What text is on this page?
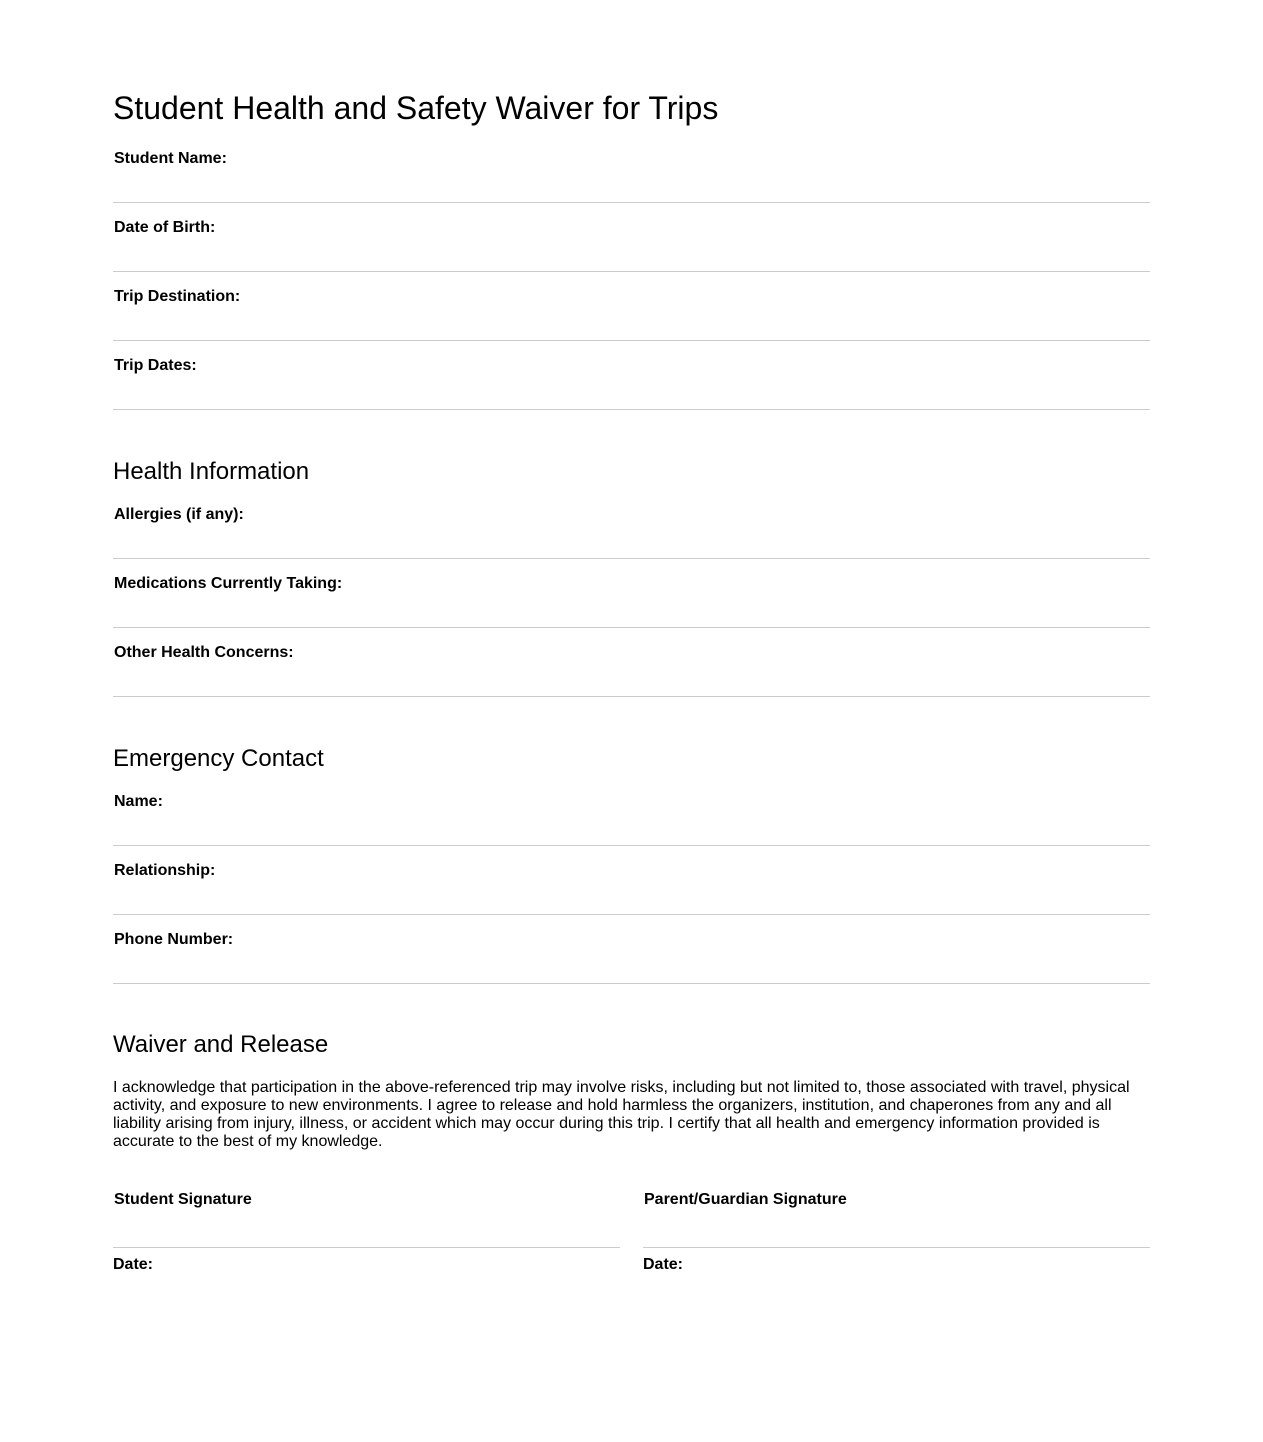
Student Health and Safety Waiver for Trips
Student Name:
Date of Birth:
Trip Destination:
Trip Dates:
Health Information
Allergies (if any):
Medications Currently Taking:
Other Health Concerns:
Emergency Contact
Name:
Relationship:
Phone Number:
Waiver and Release

I acknowledge that participation in the above-referenced trip may involve risks, including but not limited to, those associated with travel, physical activity, and exposure to new environments. I agree to release and hold harmless the organizers, institution, and chaperones from any and all liability arising from injury, illness, or accident which may occur during this trip. I certify that all health and emergency information provided is accurate to the best of my knowledge.

Student Signature
Date:
Parent/Guardian Signature
Date:
